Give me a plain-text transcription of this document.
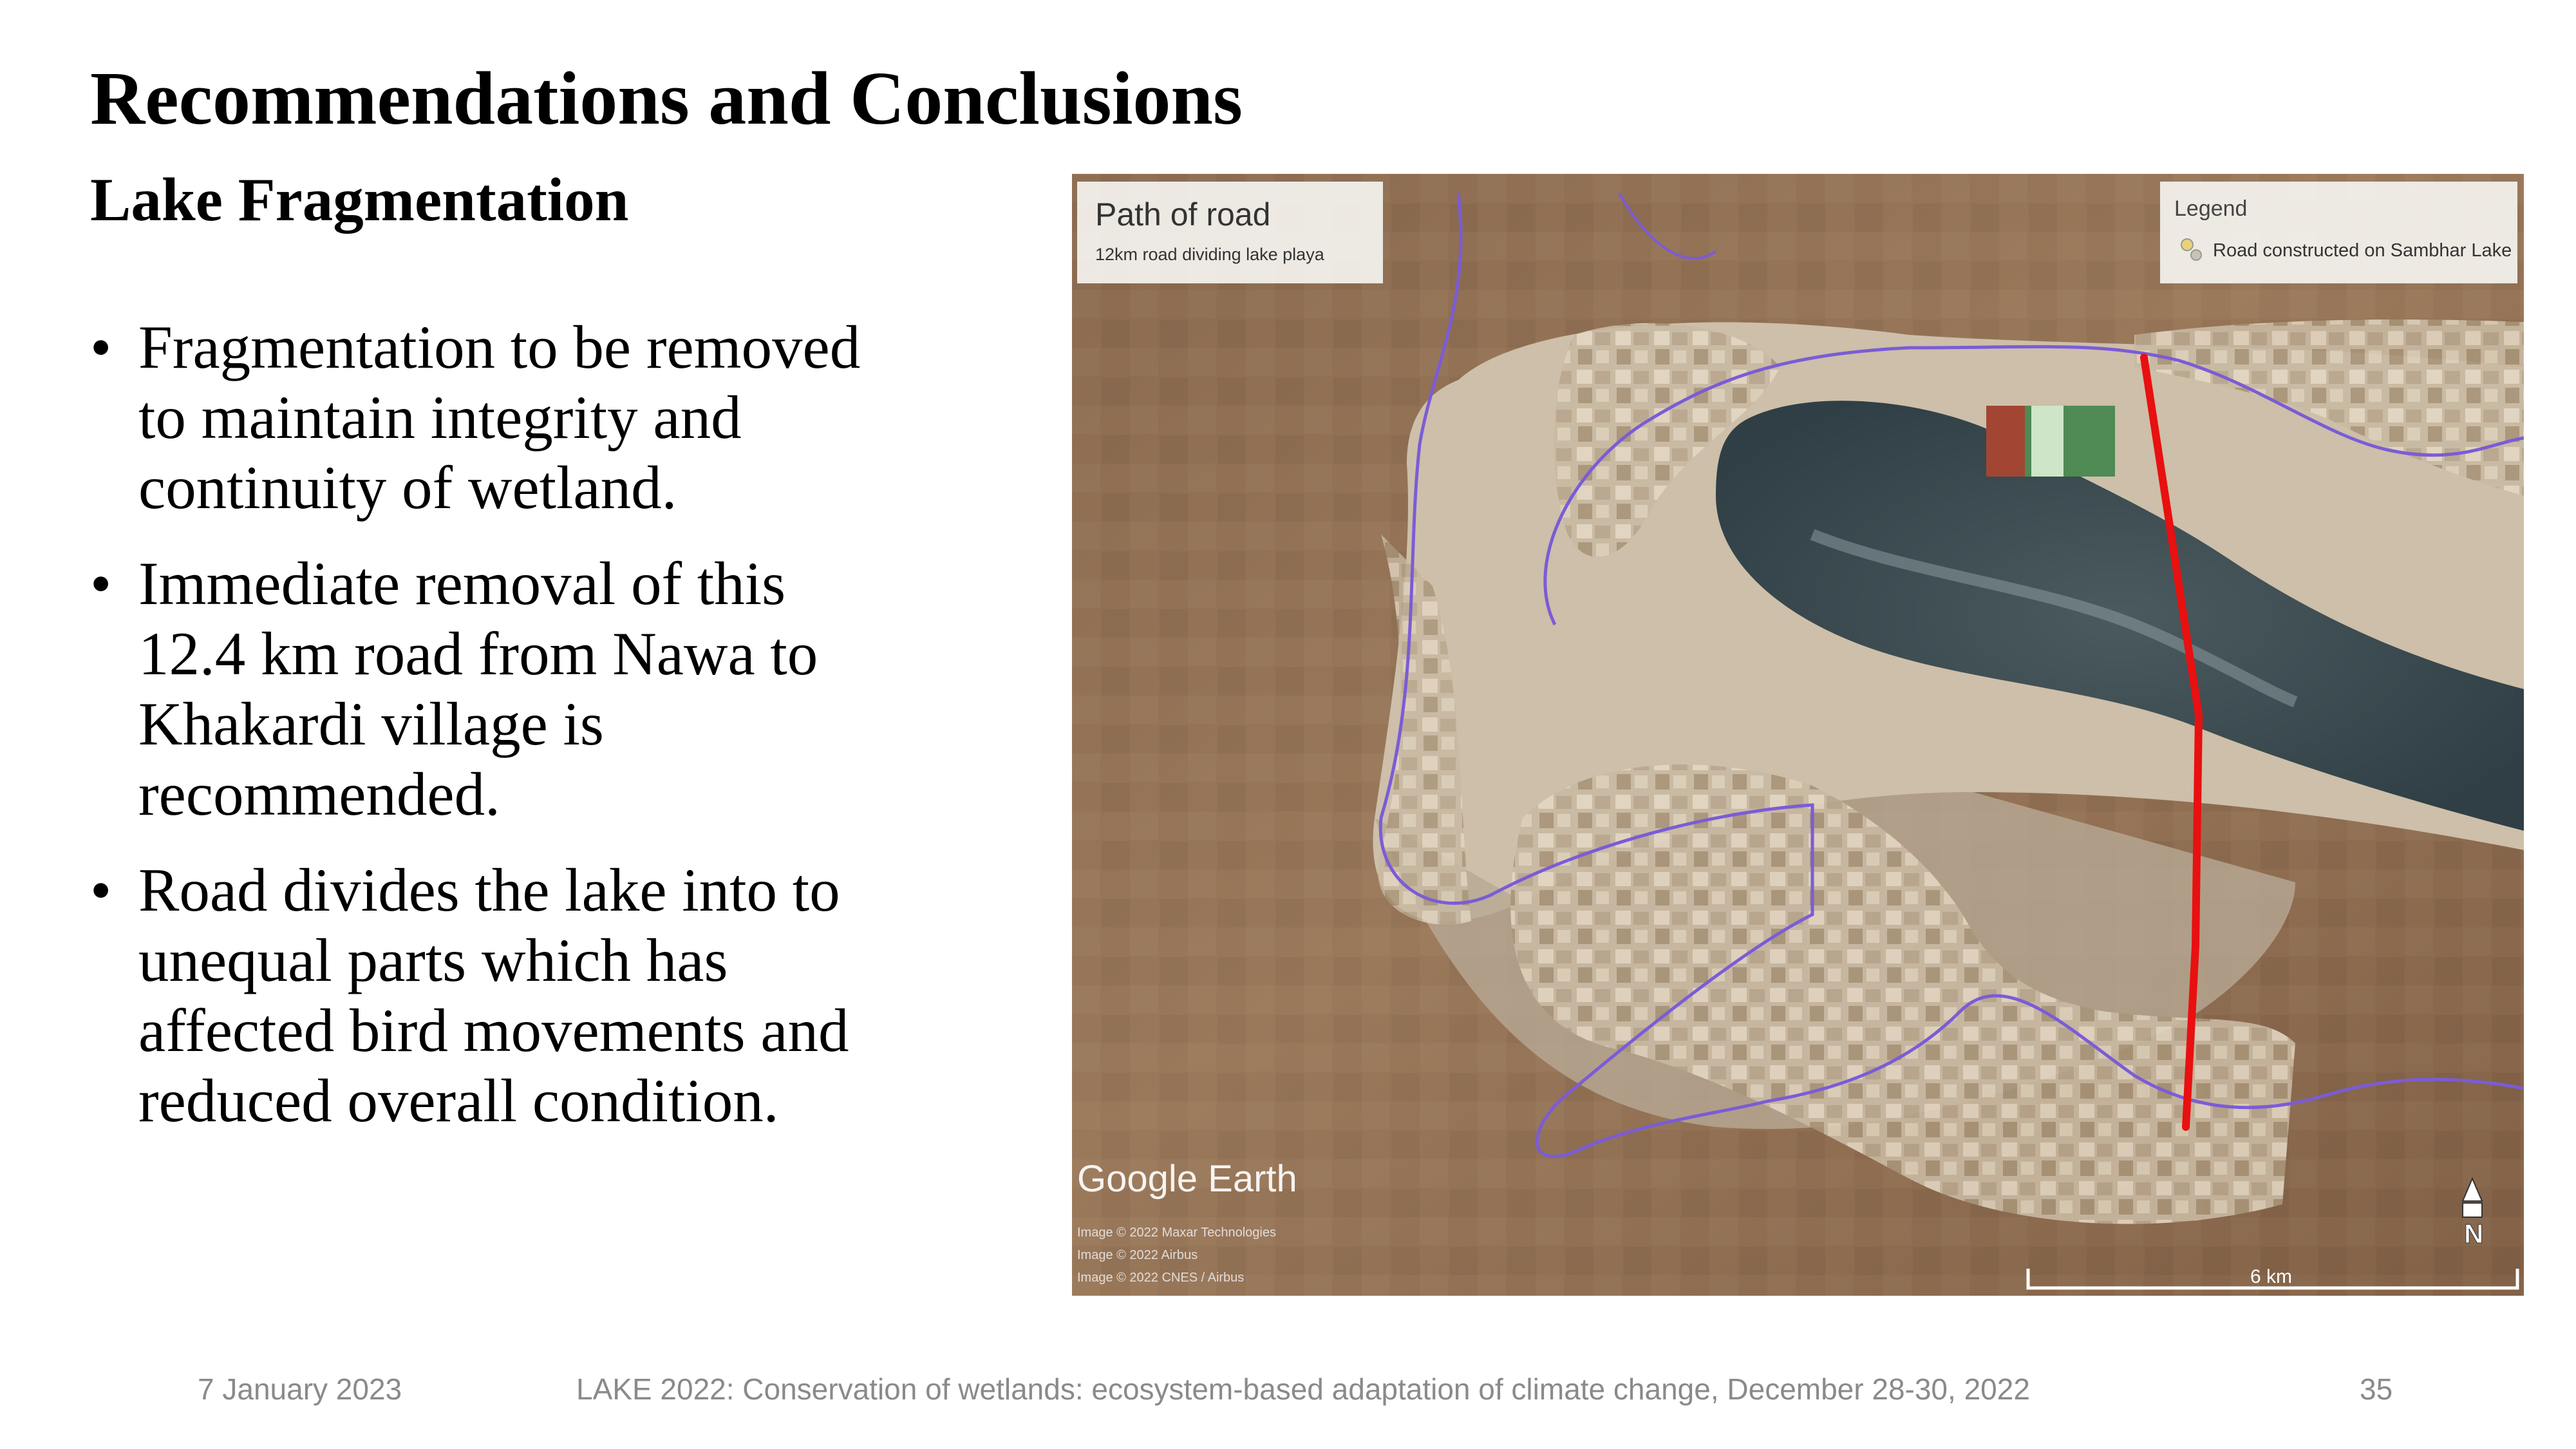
Recommendations and Conclusions
Lake Fragmentation
• Fragmentation to be removed
to maintain integrity and
continuity of wetland.
• Immediate removal of this
12.4 km road from Nawa to
Khakardi village is
recommended.
• Road divides the lake into to
unequal parts which has
affected bird movements and
reduced overall condition.
Path of road
12km road dividing lake playa
Legend
Road constructed on Sambhar Lake
Google Earth
Image © 2022 Maxar Technologies
Image © 2022 Airbus
Image © 2022 CNES / Airbus	6 km
N
7 January 2023	LAKE 2022: Conservation of wetlands: ecosystem-based adaptation of climate change, December 28-30, 2022	35
